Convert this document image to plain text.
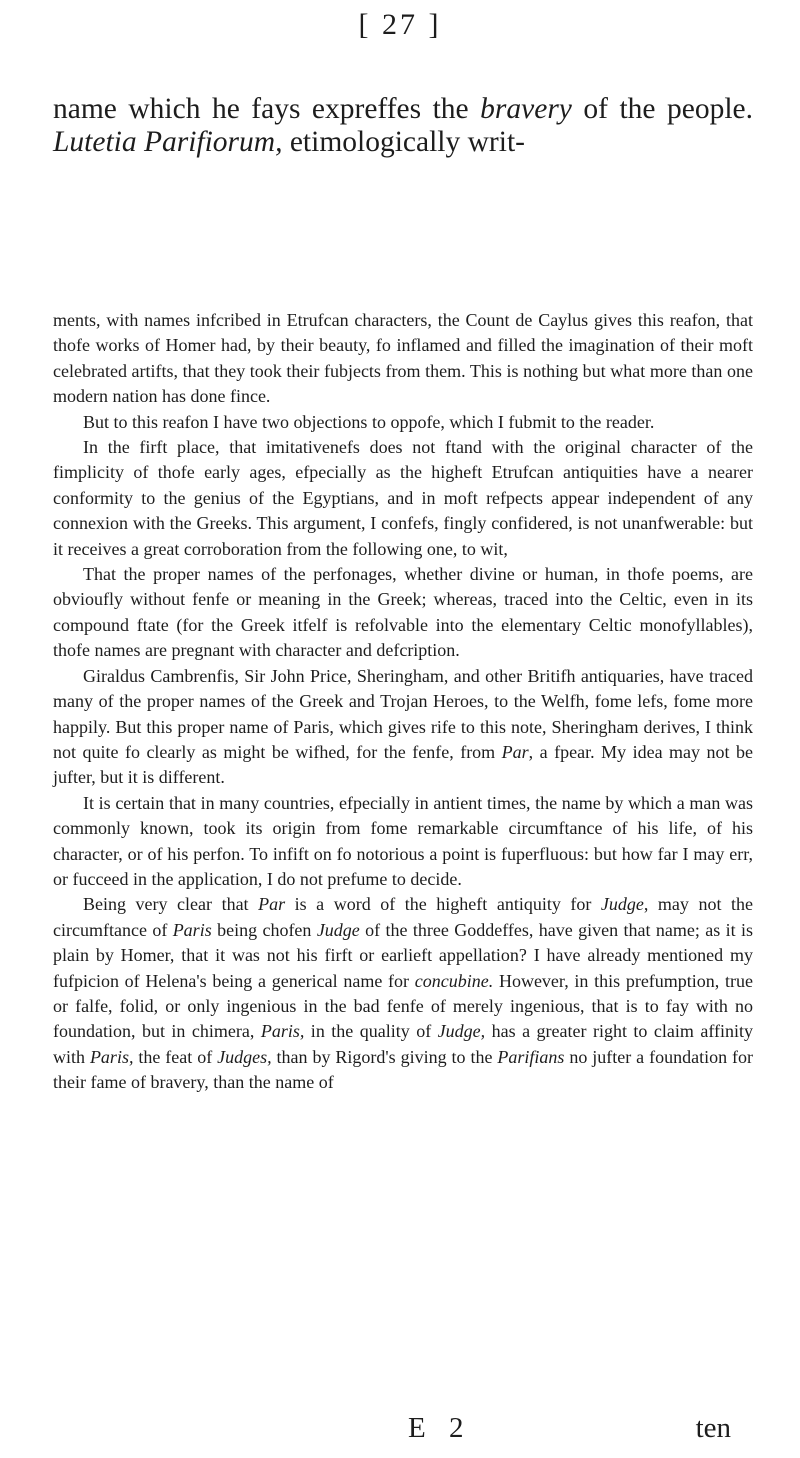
[ 27 ]
name which he fays expreffes the bravery of the people. Lutetia Parifiorum, etimologically writ-

ments, with names infcribed in Etrufcan characters, the Count de Caylus gives this reafon, that thofe works of Homer had, by their beauty, fo inflamed and filled the imagination of their moft celebrated artifts, that they took their fubjects from them. This is nothing but what more than one modern nation has done fince.

But to this reafon I have two objections to oppofe, which I fubmit to the reader.

In the firft place, that imitativenefs does not ftand with the original character of the fimplicity of thofe early ages, efpecially as the higheft Etrufcan antiquities have a nearer conformity to the genius of the Egyptians, and in moft refpects appear independent of any connexion with the Greeks. This argument, I confefs, fingly confidered, is not unanfwerable: but it receives a great corroboration from the following one, to wit,

That the proper names of the perfonages, whether divine or human, in thofe poems, are obvioufly without fenfe or meaning in the Greek; whereas, traced into the Celtic, even in its compound ftate (for the Greek itfelf is refolvable into the elementary Celtic monofyllables), thofe names are pregnant with character and defcription.

Giraldus Cambrenfis, Sir John Price, Sheringham, and other Britifh antiquaries, have traced many of the proper names of the Greek and Trojan Heroes, to the Welfh, fome lefs, fome more happily. But this proper name of Paris, which gives rife to this note, Sheringham derives, I think not quite fo clearly as might be wifhed, for the fenfe, from Par, a fpear. My idea may not be jufter, but it is different.

It is certain that in many countries, efpecially in antient times, the name by which a man was commonly known, took its origin from fome remarkable circumftance of his life, of his character, or of his perfon. To infift on fo notorious a point is fuperfluous: but how far I may err, or fucceed in the application, I do not prefume to decide.

Being very clear that Par is a word of the higheft antiquity for Judge, may not the circumftance of Paris being chofen Judge of the three Goddeffes, have given that name; as it is plain by Homer, that it was not his firft or earlieft appellation? I have already mentioned my fufpicion of Helena's being a generical name for concubine. However, in this prefumption, true or falfe, folid, or only ingenious in the bad fenfe of merely ingenious, that is to fay with no foundation, but in chimera, Paris, in the quality of Judge, has a greater right to claim affinity with Paris, the feat of Judges, than by Rigord's giving to the Parifians no jufter a foundation for their fame of bravery, than the name of

E 2	ten
